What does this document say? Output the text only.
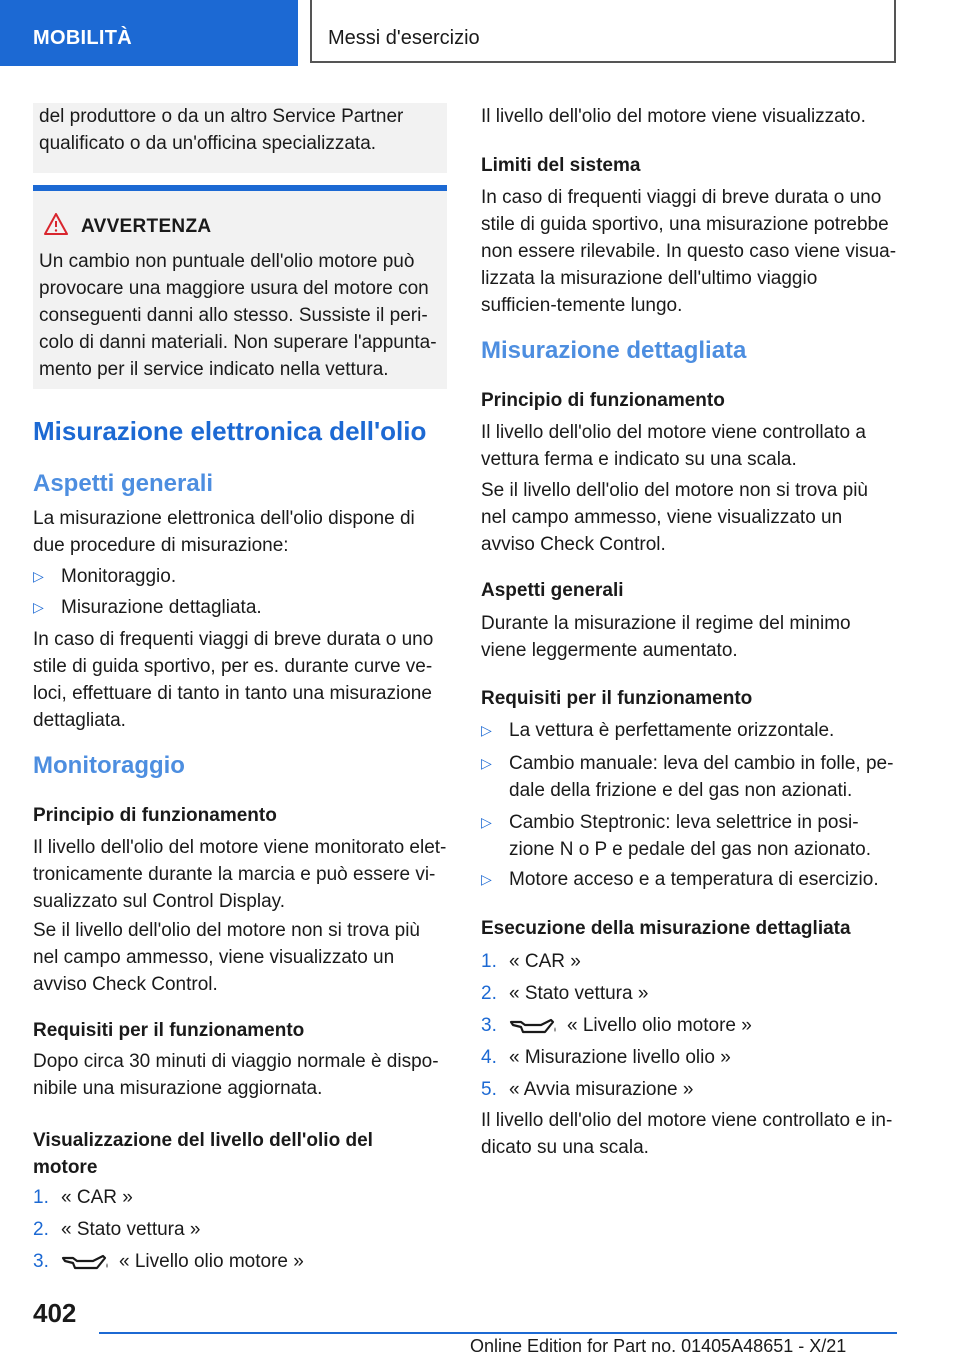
MOBILITÀ	Messi d'esercizio

del produttore o da un altro Service Partner qualificato o da un'officina specializzata.

AVVERTENZA

Un cambio non puntuale dell'olio motore può provocare una maggiore usura del motore con conseguenti danni allo stesso. Sussiste il peri-colo di danni materiali. Non superare l'appunta-mento per il service indicato nella vettura.

Misurazione elettronica dell'olio
Aspetti generali

La misurazione elettronica dell'olio dispone di due procedure di misurazione:

▷ Monitoraggio.
▷ Misurazione dettagliata.

In caso di frequenti viaggi di breve durata o uno stile di guida sportivo, per es. durante curve ve-loci, effettuare di tanto in tanto una misurazione dettagliata.

Monitoraggio
Principio di funzionamento

Il livello dell'olio del motore viene monitorato elet-tronicamente durante la marcia e può essere vi-sualizzato sul Control Display.

Se il livello dell'olio del motore non si trova più nel campo ammesso, viene visualizzato un avviso Check Control.

Requisiti per il funzionamento

Dopo circa 30 minuti di viaggio normale è dispo-nibile una misurazione aggiornata.

Visualizzazione del livello dell'olio del motore
1. « CAR »
2. « Stato vettura »
3.	« Livello olio motore »

Il livello dell'olio del motore viene visualizzato.

Limiti del sistema

In caso di frequenti viaggi di breve durata o uno stile di guida sportivo, una misurazione potrebbe non essere rilevabile. In questo caso viene visua-lizzata la misurazione dell'ultimo viaggio sufficien-temente lungo.

Misurazione dettagliata
Principio di funzionamento

Il livello dell'olio del motore viene controllato a vettura ferma e indicato su una scala.

Se il livello dell'olio del motore non si trova più nel campo ammesso, viene visualizzato un avviso Check Control.

Aspetti generali

Durante la misurazione il regime del minimo viene leggermente aumentato.

Requisiti per il funzionamento
▷ La vettura è perfettamente orizzontale.
▷ Cambio manuale: leva del cambio in folle, pe-dale della frizione e del gas non azionati.
▷ Cambio Steptronic: leva selettrice in posi-zione N o P e pedale del gas non azionato.
▷ Motore acceso e a temperatura di esercizio.
Esecuzione della misurazione dettagliata
1. « CAR »
2. « Stato vettura »
3.	« Livello olio motore »
4. « Misurazione livello olio »
5. « Avvia misurazione »

Il livello dell'olio del motore viene controllato e in-dicato su una scala.

402
Online Edition for Part no. 01405A48651 - X/21
